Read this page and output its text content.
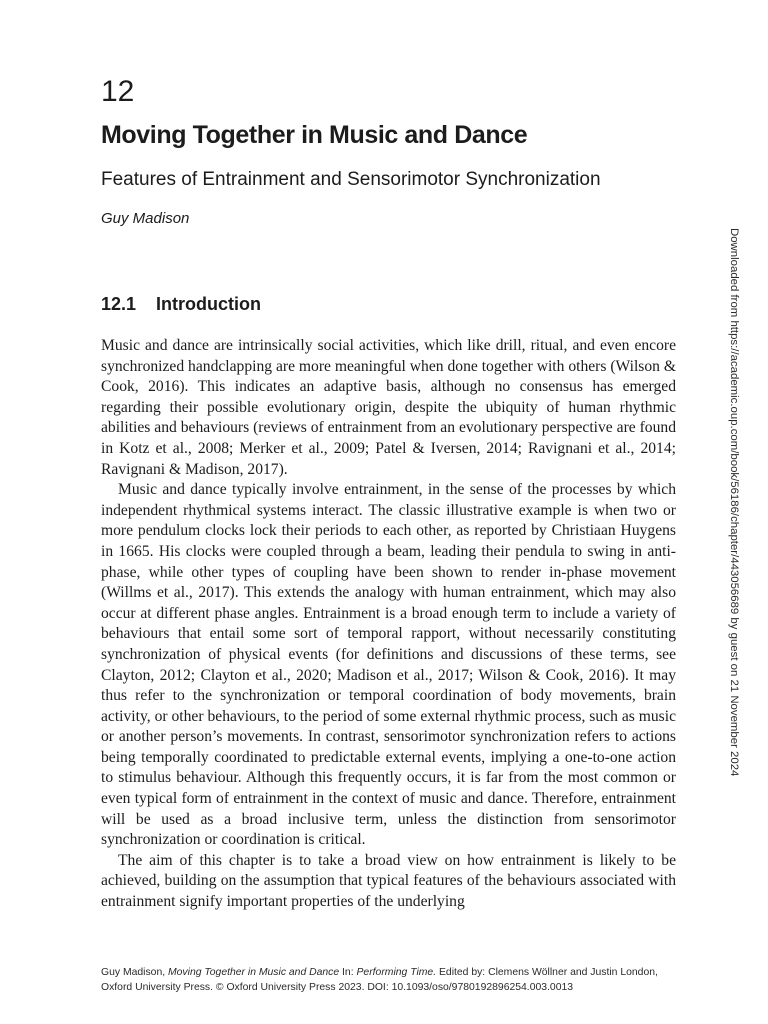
12
Moving Together in Music and Dance
Features of Entrainment and Sensorimotor Synchronization
Guy Madison
12.1 Introduction

Music and dance are intrinsically social activities, which like drill, ritual, and even encore synchronized handclapping are more meaningful when done together with others (Wilson & Cook, 2016). This indicates an adaptive basis, although no consensus has emerged regarding their possible evolutionary origin, despite the ubiquity of human rhythmic abilities and behaviours (reviews of entrainment from an evolutionary perspective are found in Kotz et al., 2008; Merker et al., 2009; Patel & Iversen, 2014; Ravignani et al., 2014; Ravignani & Madison, 2017).

Music and dance typically involve entrainment, in the sense of the processes by which independent rhythmical systems interact. The classic illustrative example is when two or more pendulum clocks lock their periods to each other, as reported by Christiaan Huygens in 1665. His clocks were coupled through a beam, leading their pendula to swing in anti-phase, while other types of coupling have been shown to render in-phase movement (Willms et al., 2017). This extends the analogy with human entrainment, which may also occur at different phase angles. Entrainment is a broad enough term to include a variety of behaviours that entail some sort of temporal rapport, without necessarily constituting synchronization of physical events (for definitions and discussions of these terms, see Clayton, 2012; Clayton et al., 2020; Madison et al., 2017; Wilson & Cook, 2016). It may thus refer to the synchronization or temporal coordination of body movements, brain activity, or other behaviours, to the period of some external rhythmic process, such as music or another person’s movements. In contrast, sensorimotor synchronization refers to actions being temporally coordinated to predictable external events, implying a one-to-one action to stimulus behaviour. Although this frequently occurs, it is far from the most common or even typical form of entrainment in the context of music and dance. Therefore, entrainment will be used as a broad inclusive term, unless the distinction from sensorimotor synchronization or coordination is critical.

The aim of this chapter is to take a broad view on how entrainment is likely to be achieved, building on the assumption that typical features of the behaviours associated with entrainment signify important properties of the underlying

Guy Madison, Moving Together in Music and Dance In: Performing Time. Edited by: Clemens Wöllner and Justin London,
Oxford University Press. © Oxford University Press 2023. DOI: 10.1093/oso/9780192896254.003.0013
Downloaded from https://academic.oup.com/book/56186/chapter/443056689 by guest on 21 November 2024
